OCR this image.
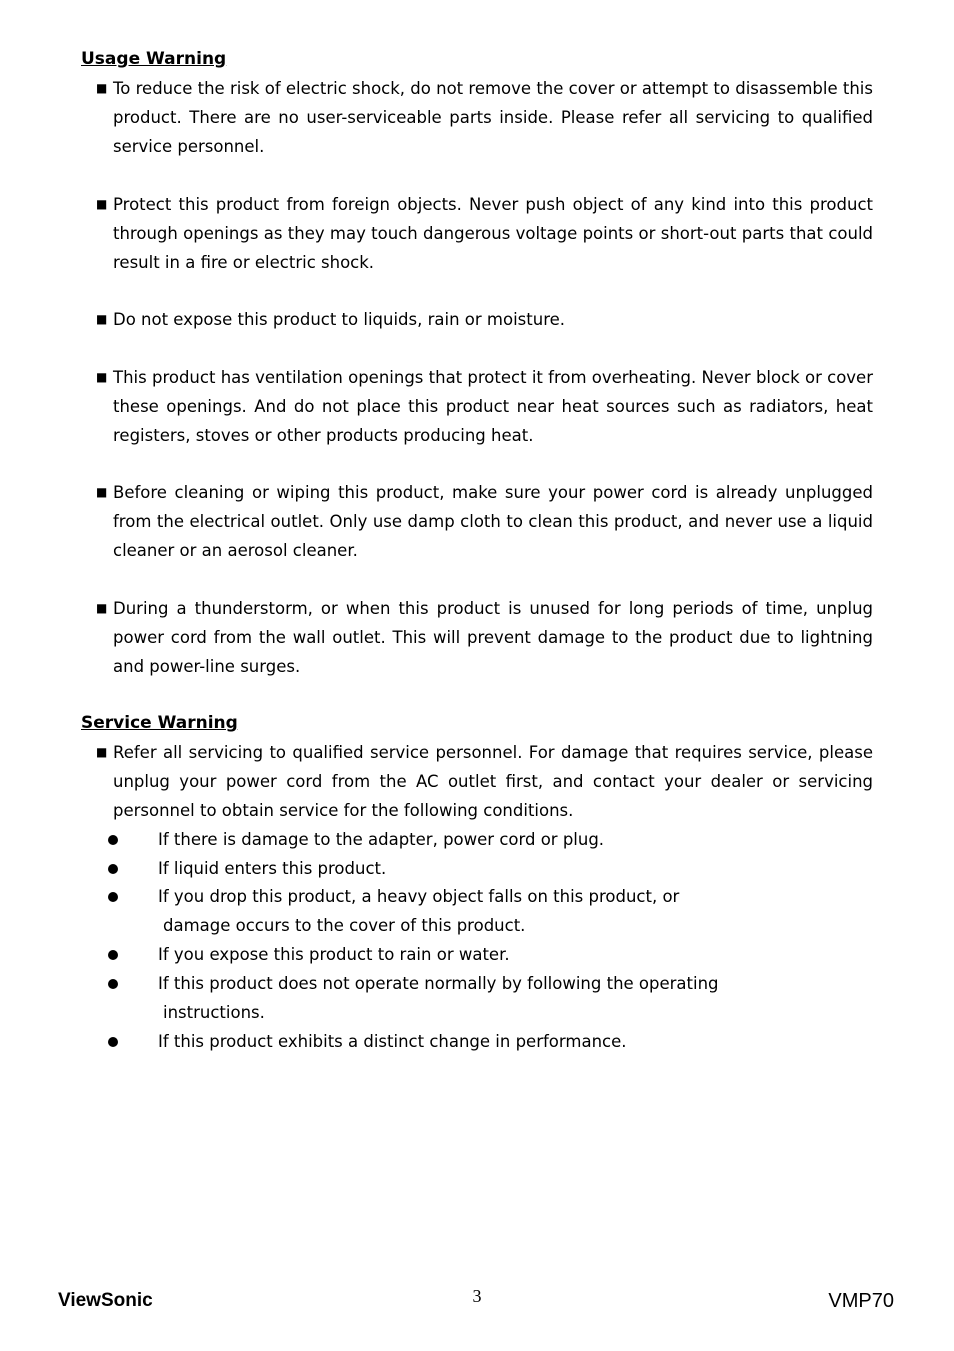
Usage Warning
■ To reduce the risk of electric shock, do not remove the cover or attempt to disassemble this product. There are no user-serviceable parts inside. Please refer all servicing to qualified service personnel.
■ Protect this product from foreign objects. Never push object of any kind into this product through openings as they may touch dangerous voltage points or short-out parts that could result in a fire or electric shock.
■ Do not expose this product to liquids, rain or moisture.
■ This product has ventilation openings that protect it from overheating. Never block or cover these openings. And do not place this product near heat sources such as radiators, heat registers, stoves or other products producing heat.
■ Before cleaning or wiping this product, make sure your power cord is already unplugged from the electrical outlet. Only use damp cloth to clean this product, and never use a liquid cleaner or an aerosol cleaner.
■ During a thunderstorm, or when this product is unused for long periods of time, unplug power cord from the wall outlet. This will prevent damage to the product due to lightning and power-line surges.
Service Warning
■ Refer all servicing to qualified service personnel. For damage that requires service, please unplug your power cord from the AC outlet first, and contact your dealer or servicing personnel to obtain service for the following conditions.
If there is damage to the adapter, power cord or plug.
If liquid enters this product.
If you drop this product, a heavy object falls on this product, or
damage occurs to the cover of this product.
If you expose this product to rain or water.
If this product does not operate normally by following the operating
instructions.
If this product exhibits a distinct change in performance.
ViewSonic	3	VMP70
